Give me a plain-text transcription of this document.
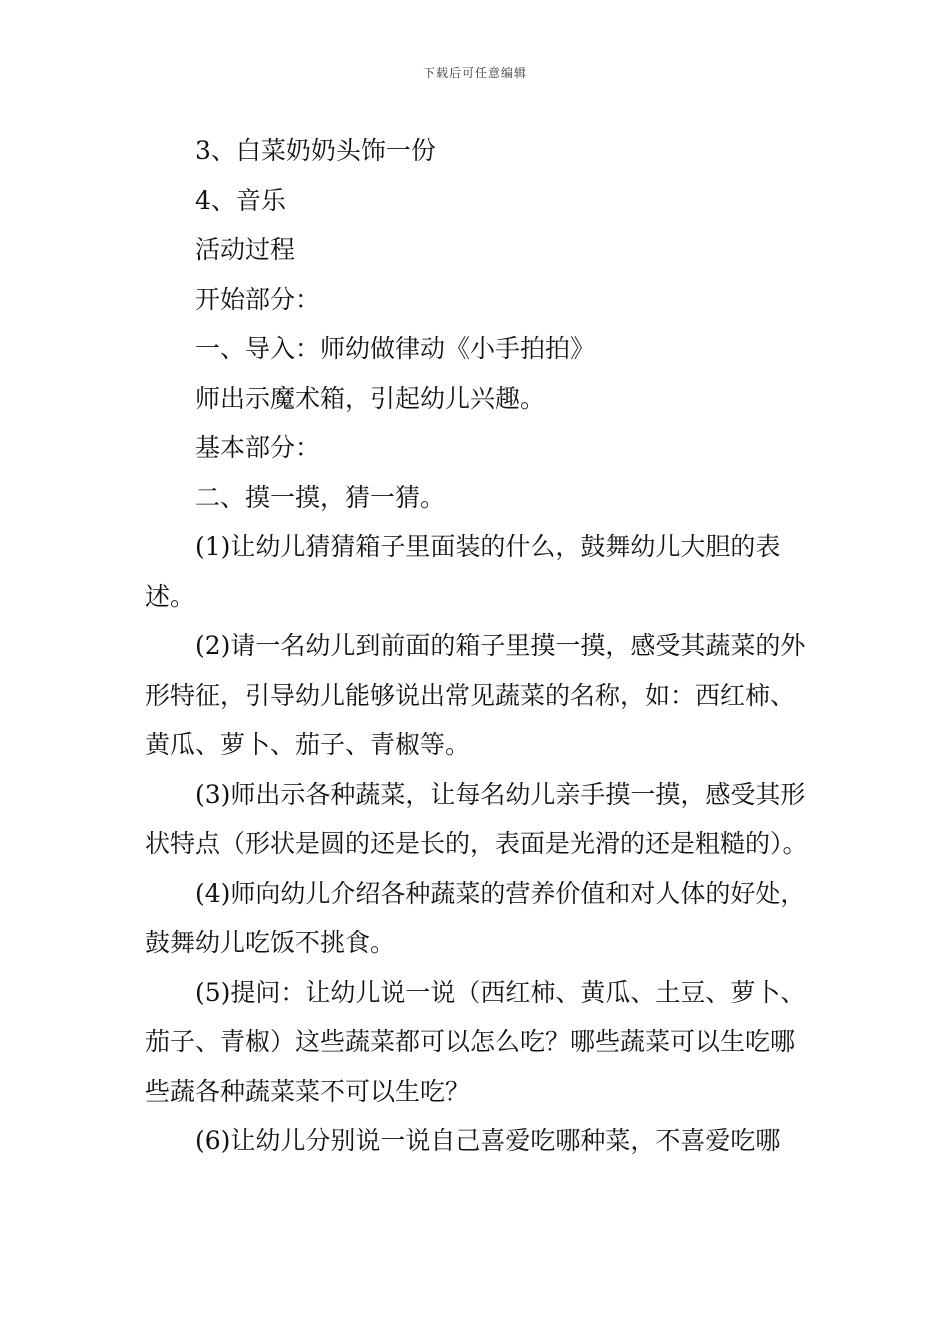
下载后可任意编辑

3、白菜奶奶头饰一份

4、音乐

活动过程

开始部分：

一、导入：师幼做律动《小手拍拍》

师出示魔术箱，引起幼儿兴趣。

基本部分：

二、摸一摸，猜一猜。

(1)让幼儿猜猜箱子里面装的什么，鼓舞幼儿大胆的表述。

(2)请一名幼儿到前面的箱子里摸一摸，感受其蔬菜的外形特征，引导幼儿能够说出常见蔬菜的名称，如：西红柿、黄瓜、萝卜、茄子、青椒等。

(3)师出示各种蔬菜，让每名幼儿亲手摸一摸，感受其形状特点（形状是圆的还是长的，表面是光滑的还是粗糙的）。

(4)师向幼儿介绍各种蔬菜的营养价值和对人体的好处，鼓舞幼儿吃饭不挑食。

(5)提问：让幼儿说一说（西红柿、黄瓜、土豆、萝卜、茄子、青椒）这些蔬菜都可以怎么吃？哪些蔬菜可以生吃哪些蔬各种蔬菜菜不可以生吃？

(6)让幼儿分别说一说自己喜爱吃哪种菜，不喜爱吃哪
